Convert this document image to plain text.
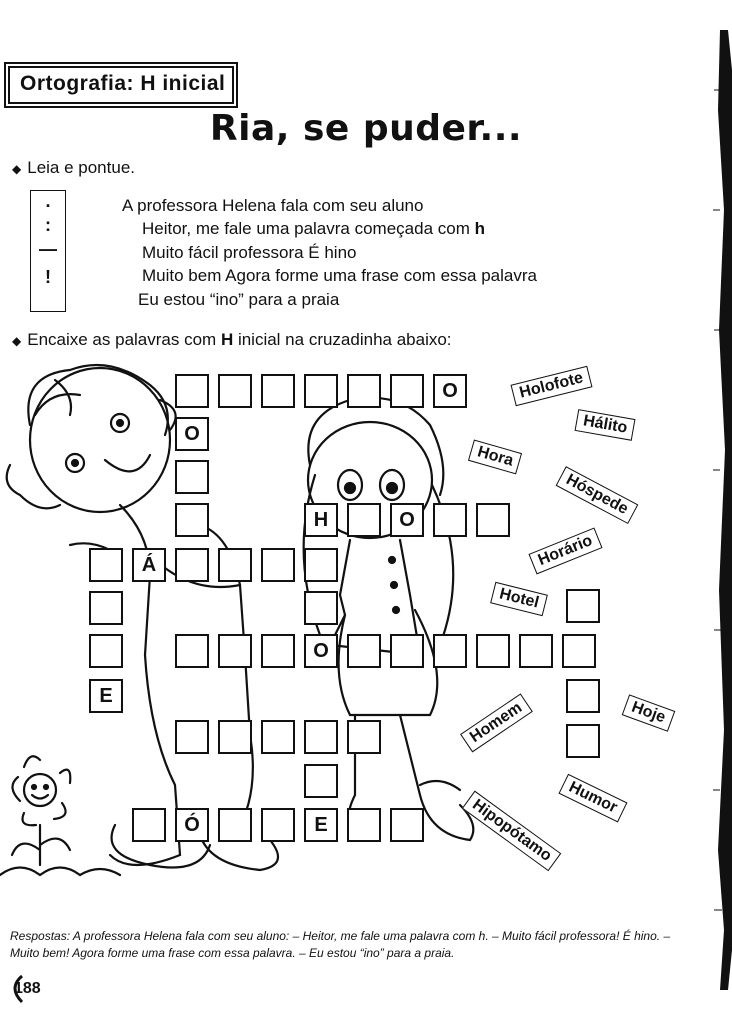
Ortografia: H inicial
Ria, se puder...
◆ Leia e pontue.
.
:
—
!
A professora Helena fala com seu aluno
Heitor, me fale uma palavra começada com h
Muito fácil professora É hino
Muito bem Agora forme uma frase com essa palavra
Eu estou “ino” para a praia
◆ Encaixe as palavras com H inicial na cruzadinha abaixo:
O
O
H	O
Á
E
O
Ó	E
Holofote
Hálito
Hora
Hóspede
Horário
Hotel
Hoje
Homem
Humor
Hipopótamo
Respostas: A professora Helena fala com seu aluno: – Heitor, me fale uma palavra com h. – Muito fácil professora! É hino. – Muito bem! Agora forme uma frase com essa palavra. – Eu estou “ino” para a praia.
188
